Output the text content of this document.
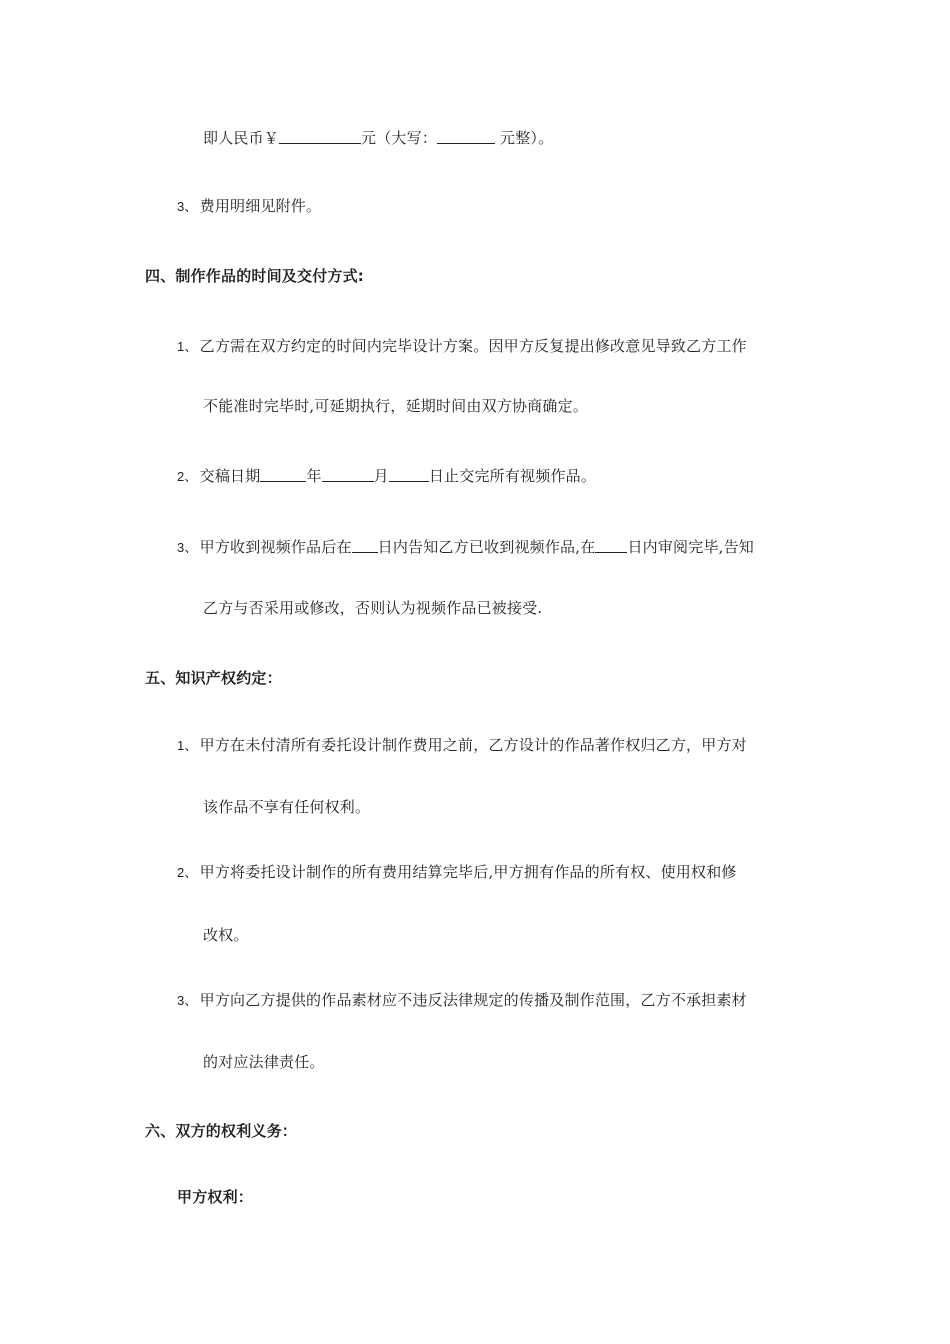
即人民币￥	元（大写：	元整）。
3、 费用明细见附件。
四、制作作品的时间及交付方式:
1、 乙方需在双方约定的时间内完毕设计方案。因甲方反复提出修改意见导致乙方工作
不能准时完毕时,可延期执行，延期时间由双方协商确定。
2、 交稿日期	年	月	日止交完所有视频作品。
3、 甲方收到视频作品后在 日内告知乙方已收到视频作品,在 日内审阅完毕,告知
乙方与否采用或修改，否则认为视频作品已被接受.
五、知识产权约定：
1、 甲方在未付清所有委托设计制作费用之前，乙方设计的作品著作权归乙方，甲方对
该作品不享有任何权利。
2、 甲方将委托设计制作的所有费用结算完毕后,甲方拥有作品的所有权、使用权和修
改权。
3、 甲方向乙方提供的作品素材应不违反法律规定的传播及制作范围，乙方不承担素材
的对应法律责任。
六、双方的权利义务：
甲方权利：
